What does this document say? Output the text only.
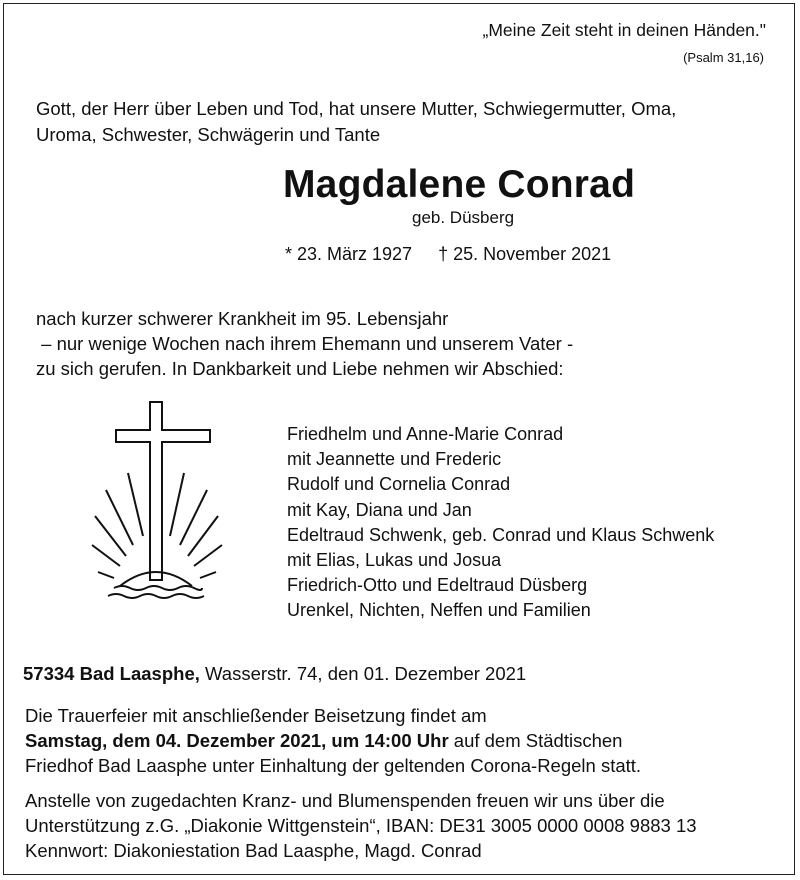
„Meine Zeit steht in deinen Händen."
(Psalm 31,16)
Gott, der Herr über Leben und Tod, hat unsere Mutter, Schwiegermutter, Oma,
Uroma, Schwester, Schwägerin und Tante
Magdalene Conrad
geb. Düsberg
* 23. März 1927 † 25. November 2021
nach kurzer schwerer Krankheit im 95. Lebensjahr
– nur wenige Wochen nach ihrem Ehemann und unserem Vater -
zu sich gerufen. In Dankbarkeit und Liebe nehmen wir Abschied:
Friedhelm und Anne-Marie Conrad
mit Jeannette und Frederic
Rudolf und Cornelia Conrad
mit Kay, Diana und Jan
Edeltraud Schwenk, geb. Conrad und Klaus Schwenk
mit Elias, Lukas und Josua
Friedrich-Otto und Edeltraud Düsberg
Urenkel, Nichten, Neffen und Familien
57334 Bad Laasphe, Wasserstr. 74, den 01. Dezember 2021
Die Trauerfeier mit anschließender Beisetzung findet am
Samstag, dem 04. Dezember 2021, um 14:00 Uhr auf dem Städtischen
Friedhof Bad Laasphe unter Einhaltung der geltenden Corona-Regeln statt.
Anstelle von zugedachten Kranz- und Blumenspenden freuen wir uns über die
Unterstützung z.G. „Diakonie Wittgenstein“, IBAN: DE31 3005 0000 0008 9883 13
Kennwort: Diakoniestation Bad Laasphe, Magd. Conrad
